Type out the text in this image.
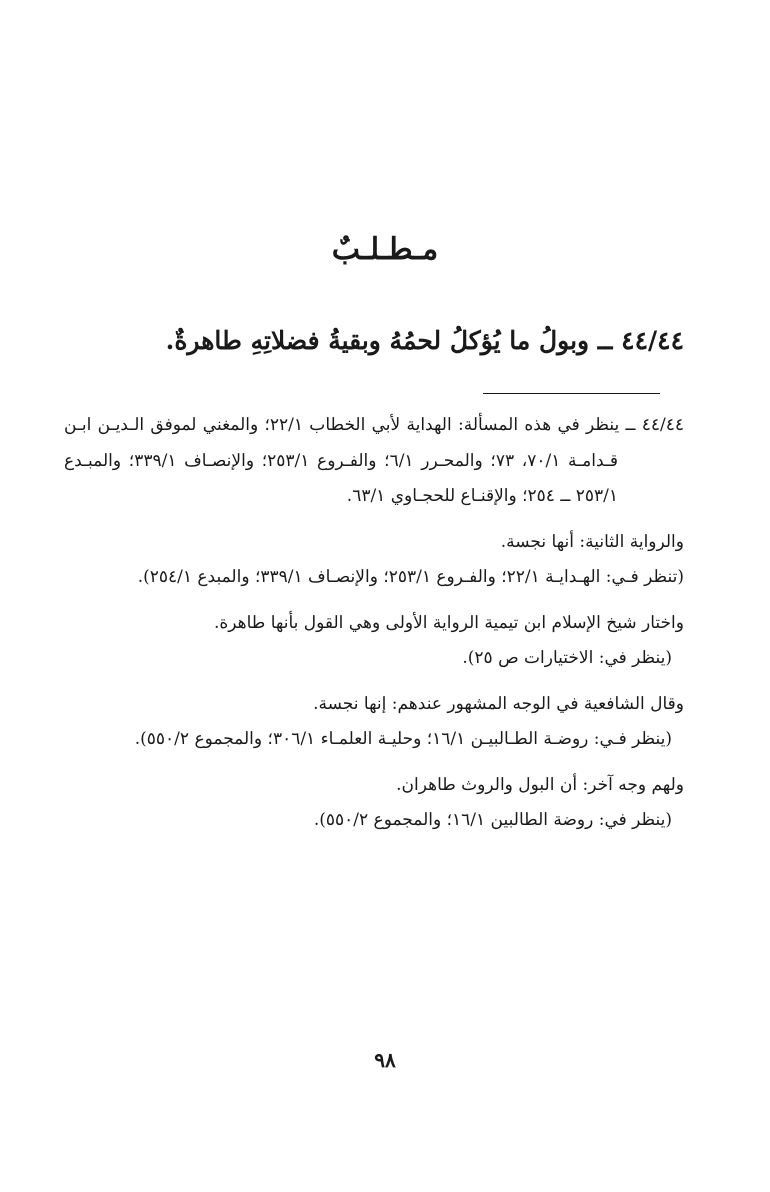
مـطـلـبٌ
٤٤/٤٤ ــ وبولُ ما يُؤكلُ لحمُهُ وبقيةُ فضلاتِهِ طاهرةٌ.

٤٤/٤٤ ــ ينظر في هذه المسألة: الهداية لأبي الخطاب ٢٢/١؛ والمغني لموفق الـديـن ابـن قـدامـة ٧٠/١، ٧٣؛ والمحـرر ٦/١؛ والفـروع ٢٥٣/١؛ والإنصـاف ٣٣٩/١؛ والمبـدع ٢٥٣/١ ــ ٢٥٤؛ والإقنـاع للحجـاوي ٦٣/١.

والرواية الثانية: أنها نجسة.

(تنظر فـي: الهـدايـة ٢٢/١؛ والفـروع ٢٥٣/١؛ والإنصـاف ٣٣٩/١؛ والمبدع ٢٥٤/١).

واختار شيخ الإسلام ابن تيمية الرواية الأولى وهي القول بأنها طاهرة.

(ينظر في: الاختيارات ص ٢٥).

وقال الشافعية في الوجه المشهور عندهم: إنها نجسة.

(ينظر فـي: روضـة الطـالبيـن ١٦/١؛ وحليـة العلمـاء ٣٠٦/١؛ والمجموع ٥٥٠/٢).

ولهم وجه آخر: أن البول والروث طاهران.

(ينظر في: روضة الطالبين ١٦/١؛ والمجموع ٥٥٠/٢).

٩٨
